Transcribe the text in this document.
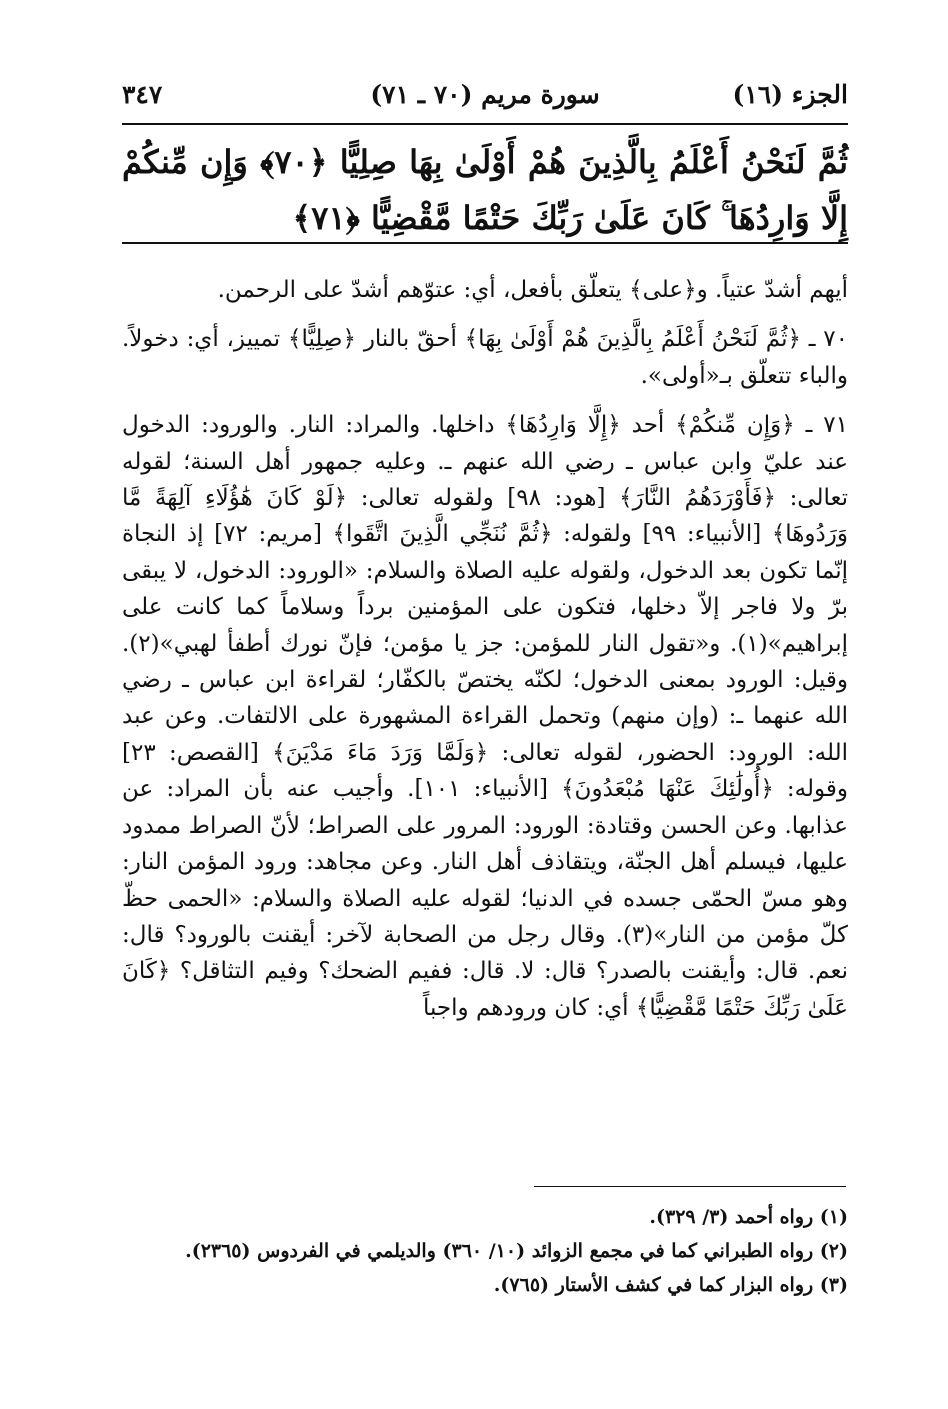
الجزء (١٦)
سورة مريم (٧٠ ـ ٧١)
٣٤٧
ثُمَّ لَنَحْنُ أَعْلَمُ بِالَّذِينَ هُمْ أَوْلَىٰ بِهَا صِلِيًّا ﴿٧٠﴾ وَإِن مِّنكُمْ إِلَّا وَارِدُهَا ۚ كَانَ عَلَىٰ رَبِّكَ حَتْمًا مَّقْضِيًّا ﴿٧١﴾

أيهم أشدّ عتياً. و﴿على﴾ يتعلّق بأفعل، أي: عتوّهم أشدّ على الرحمن.

٧٠ ـ ﴿ثُمَّ لَنَحْنُ أَعْلَمُ بِالَّذِينَ هُمْ أَوْلَىٰ بِهَا﴾ أحقّ بالنار ﴿صِلِيًّا﴾ تمييز، أي: دخولاً. والباء تتعلّق بـ«أولى».

٧١ ـ ﴿وَإِن مِّنكُمْ﴾ أحد ﴿إِلَّا وَارِدُهَا﴾ داخلها. والمراد: النار. والورود: الدخول عند عليّ وابن عباس ـ رضي الله عنهم ـ. وعليه جمهور أهل السنة؛ لقوله تعالى: ﴿فَأَوْرَدَهُمُ النَّارَ﴾ [هود: ٩٨] ولقوله تعالى: ﴿لَوْ كَانَ هَٰؤُلَاءِ آلِهَةً مَّا وَرَدُوهَا﴾ [الأنبياء: ٩٩] ولقوله: ﴿ثُمَّ نُنَجِّي الَّذِينَ اتَّقَوا﴾ [مريم: ٧٢] إذ النجاة إنّما تكون بعد الدخول، ولقوله عليه الصلاة والسلام: «الورود: الدخول، لا يبقى برّ ولا فاجر إلاّ دخلها، فتكون على المؤمنين برداً وسلاماً كما كانت على إبراهيم»(١). و«تقول النار للمؤمن: جز يا مؤمن؛ فإنّ نورك أطفأ لهبي»(٢). وقيل: الورود بمعنى الدخول؛ لكنّه يختصّ بالكفّار؛ لقراءة ابن عباس ـ رضي الله عنهما ـ: (وإن منهم) وتحمل القراءة المشهورة على الالتفات. وعن عبد الله: الورود: الحضور، لقوله تعالى: ﴿وَلَمَّا وَرَدَ مَاءَ مَدْيَنَ﴾ [القصص: ٢٣] وقوله: ﴿أُولَٰئِكَ عَنْهَا مُبْعَدُونَ﴾ [الأنبياء: ١٠١]. وأجيب عنه بأن المراد: عن عذابها. وعن الحسن وقتادة: الورود: المرور على الصراط؛ لأنّ الصراط ممدود عليها، فيسلم أهل الجنّة، ويتقاذف أهل النار. وعن مجاهد: ورود المؤمن النار: وهو مسّ الحمّى جسده في الدنيا؛ لقوله عليه الصلاة والسلام: «الحمى حظّ كلّ مؤمن من النار»(٣). وقال رجل من الصحابة لآخر: أيقنت بالورود؟ قال: نعم. قال: وأيقنت بالصدر؟ قال: لا. قال: ففيم الضحك؟ وفيم التثاقل؟ ﴿كَانَ عَلَىٰ رَبِّكَ حَتْمًا مَّقْضِيًّا﴾ أي: كان ورودهم واجباً

(١) رواه أحمد (٣/ ٣٢٩).
(٢) رواه الطبراني كما في مجمع الزوائد (١٠/ ٣٦٠) والديلمي في الفردوس (٢٣٦٥).
(٣) رواه البزار كما في كشف الأستار (٧٦٥).
